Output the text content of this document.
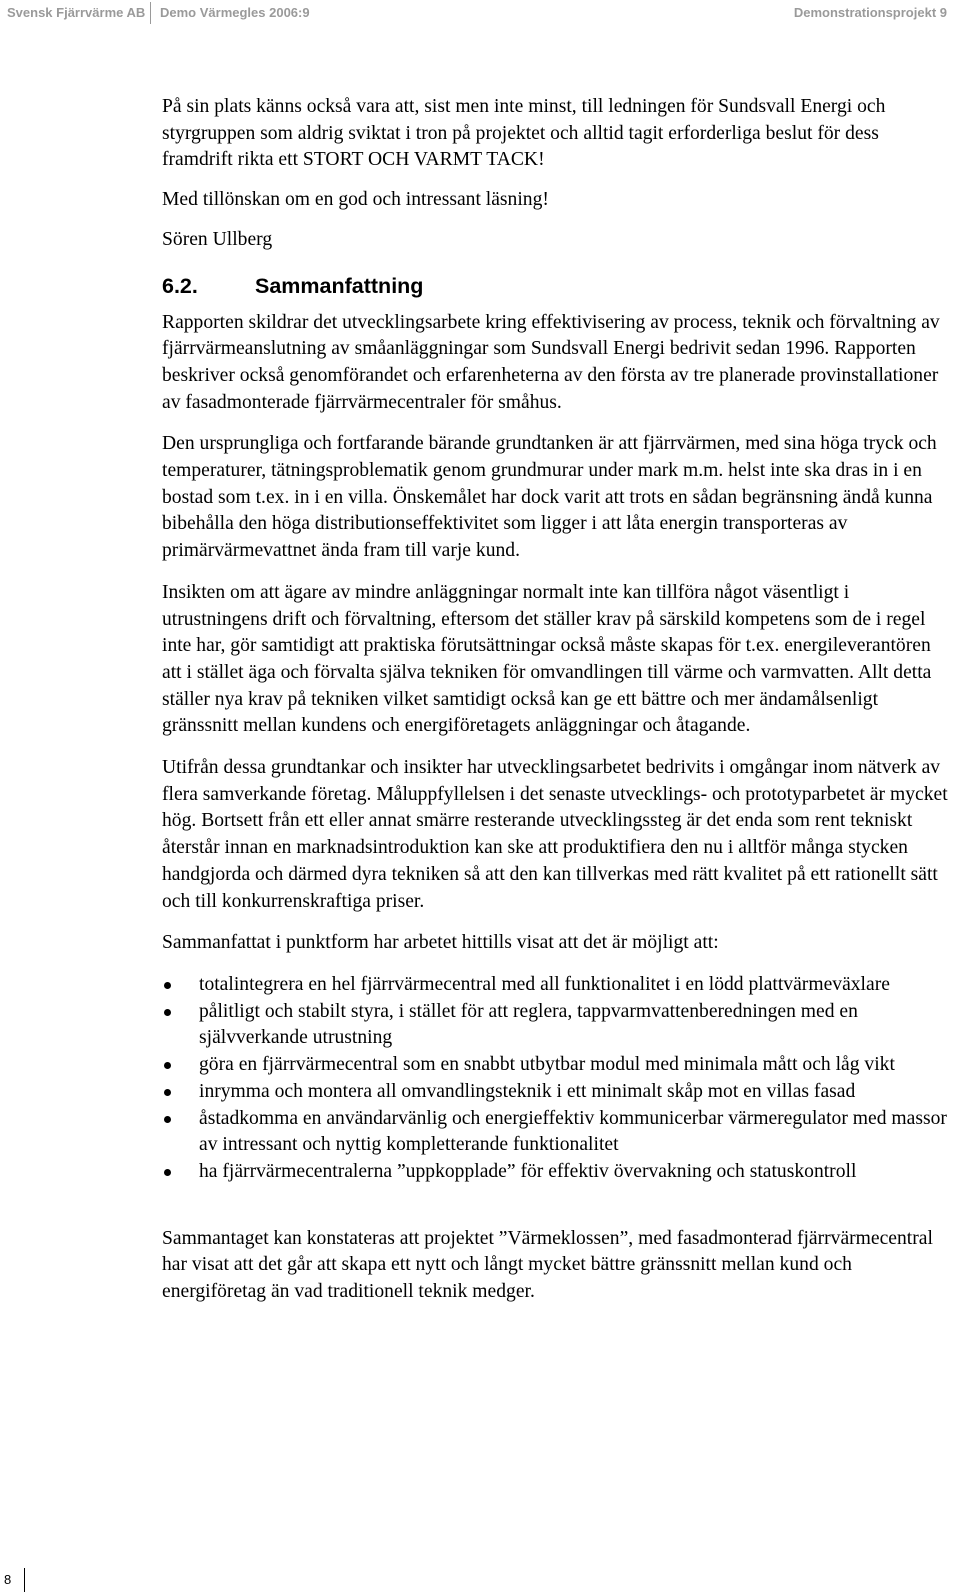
Svensk Fjärrvärme AB Demo Värmegles 2006:9	Demonstrationsprojekt 9

På sin plats känns också vara att, sist men inte minst, till ledningen för Sundsvall Energi och styrgruppen som aldrig sviktat i tron på projektet och alltid tagit erforderliga beslut för dess framdrift rikta ett STORT OCH VARMT TACK!

Med tillönskan om en god och intressant läsning!

Sören Ullberg

6.2.	Sammanfattning

Rapporten skildrar det utvecklingsarbete kring effektivisering av process, teknik och förvaltning av fjärrvärmeanslutning av småanläggningar som Sundsvall Energi bedrivit sedan 1996. Rapporten beskriver också genomförandet och erfarenheterna av den första av tre planerade provinstallationer av fasadmonterade fjärrvärmecentraler för småhus.

Den ursprungliga och fortfarande bärande grundtanken är att fjärrvärmen, med sina höga tryck och temperaturer, tätningsproblematik genom grundmurar under mark m.m. helst inte ska dras in i en bostad som t.ex. in i en villa. Önskemålet har dock varit att trots en sådan begränsning ändå kunna bibehålla den höga distributionseffektivitet som ligger i att låta energin transporteras av primärvärmevattnet ända fram till varje kund.

Insikten om att ägare av mindre anläggningar normalt inte kan tillföra något väsentligt i utrustningens drift och förvaltning, eftersom det ställer krav på särskild kompetens som de i regel inte har, gör samtidigt att praktiska förutsättningar också måste skapas för t.ex. energileverantören att i stället äga och förvalta själva tekniken för omvandlingen till värme och varmvatten. Allt detta ställer nya krav på tekniken vilket samtidigt också kan ge ett bättre och mer ändamålsenligt gränssnitt mellan kundens och energiföretagets anläggningar och åtagande.

Utifrån dessa grundtankar och insikter har utvecklingsarbetet bedrivits i omgångar inom nätverk av flera samverkande företag. Måluppfyllelsen i det senaste utvecklings- och prototyparbetet är mycket hög. Bortsett från ett eller annat smärre resterande utvecklingssteg är det enda som rent tekniskt återstår innan en marknadsintroduktion kan ske att produktifiera den nu i alltför många stycken handgjorda och därmed dyra tekniken så att den kan tillverkas med rätt kvalitet på ett rationellt sätt och till konkurrenskraftiga priser.

Sammanfattat i punktform har arbetet hittills visat att det är möjligt att:

totalintegrera en hel fjärrvärmecentral med all funktionalitet i en lödd plattvärmeväxlare
pålitligt och stabilt styra, i stället för att reglera, tappvarmvattenberedningen med en självverkande utrustning
göra en fjärrvärmecentral som en snabbt utbytbar modul med minimala mått och låg vikt
inrymma och montera all omvandlingsteknik i ett minimalt skåp mot en villas fasad
åstadkomma en användarvänlig och energieffektiv kommunicerbar värmeregulator med massor av intressant och nyttig kompletterande funktionalitet
ha fjärrvärmecentralerna ”uppkopplade” för effektiv övervakning och statuskontroll

Sammantaget kan konstateras att projektet ”Värmeklossen”, med fasadmonterad fjärrvärmecentral har visat att det går att skapa ett nytt och långt mycket bättre gränssnitt mellan kund och energiföretag än vad traditionell teknik medger.

8
